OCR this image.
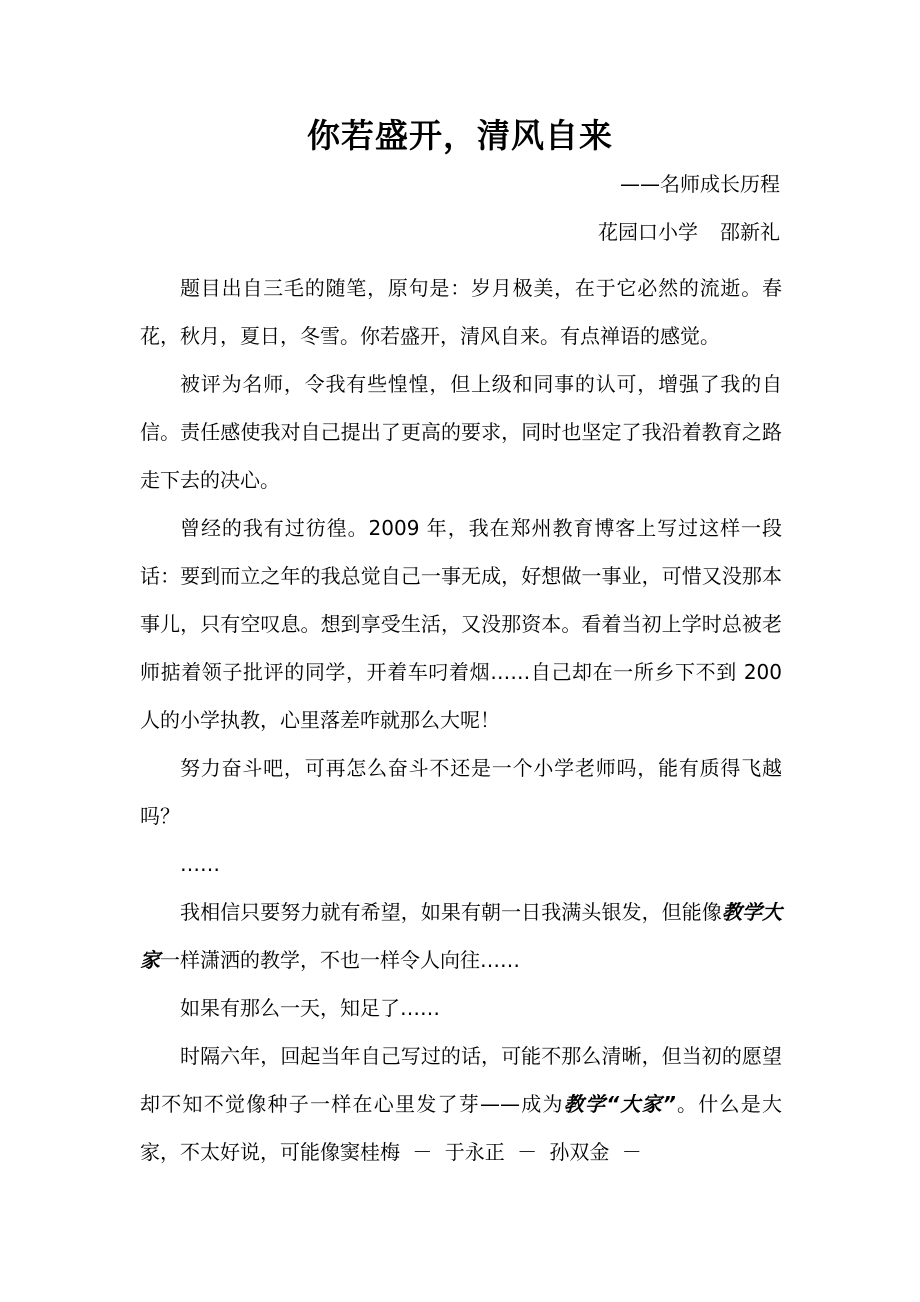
你若盛开，清风自来
——名师成长历程
花园口小学 邵新礼

题目出自三毛的随笔，原句是：岁月极美，在于它必然的流逝。春花，秋月，夏日，冬雪。你若盛开，清风自来。有点禅语的感觉。

被评为名师，令我有些惶惶，但上级和同事的认可，增强了我的自信。责任感使我对自己提出了更高的要求，同时也坚定了我沿着教育之路走下去的决心。

曾经的我有过彷徨。2009 年，我在郑州教育博客上写过这样一段话：要到而立之年的我总觉自己一事无成，好想做一事业，可惜又没那本事儿，只有空叹息。想到享受生活，又没那资本。看着当初上学时总被老师掂着领子批评的同学，开着车叼着烟……自己却在一所乡下不到 200 人的小学执教，心里落差咋就那么大呢！

努力奋斗吧，可再怎么奋斗不还是一个小学老师吗，能有质得飞越吗？

……

我相信只要努力就有希望，如果有朝一日我满头银发，但能像教学大家一样潇洒的教学，不也一样令人向往……

如果有那么一天，知足了……

时隔六年，回起当年自己写过的话，可能不那么清晰，但当初的愿望却不知不觉像种子一样在心里发了芽——成为教学“大家”。什么是大家，不太好说，可能像窦桂梅 － 于永正 － 孙双金 －
